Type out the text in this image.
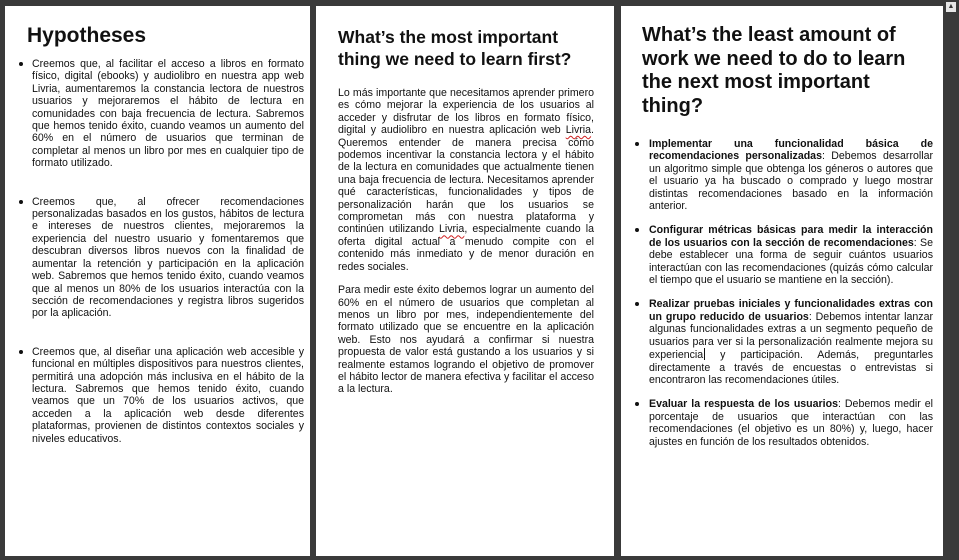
Hypotheses
Creemos que, al facilitar el acceso a libros en formato físico, digital (ebooks) y audiolibro en nuestra app web Livria, aumentaremos la constancia lectora de nuestros usuarios y mejoraremos el hábito de lectura en comunidades con baja frecuencia de lectura. Sabremos que hemos tenido éxito, cuando veamos un aumento del 60% en el número de usuarios que terminan de completar al menos un libro por mes en cualquier tipo de formato utilizado.
Creemos que, al ofrecer recomendaciones personalizadas basados en los gustos, hábitos de lectura e intereses de nuestros clientes, mejoraremos la experiencia del nuestro usuario y fomentaremos que descubran diversos libros nuevos con la finalidad de aumentar la retención y participación en la aplicación web. Sabremos que hemos tenido éxito, cuando veamos que al menos un 80% de los usuarios interactúa con la sección de recomendaciones y registra libros sugeridos por la aplicación.
Creemos que, al diseñar una aplicación web accesible y funcional en múltiples dispositivos para nuestros clientes, permitirá una adopción más inclusiva en el hábito de la lectura. Sabremos que hemos tenido éxito, cuando veamos que un 70% de los usuarios activos, que acceden a la aplicación web desde diferentes plataformas, provienen de distintos contextos sociales y niveles educativos.
What’s the most important thing we need to learn first?

Lo más importante que necesitamos aprender primero es cómo mejorar la experiencia de los usuarios al acceder y disfrutar de los libros en formato físico, digital y audiolibro en nuestra aplicación web Livria. Queremos entender de manera precisa cómo podemos incentivar la constancia lectora y el hábito de la lectura en comunidades que actualmente tienen una baja frecuencia de lectura. Necesitamos aprender qué características, funcionalidades y tipos de personalización harán que los usuarios se comprometan más con nuestra plataforma y continúen utilizando Livria, especialmente cuando la oferta digital actual a menudo compite con el contenido más inmediato y de menor duración en redes sociales.

Para medir este éxito debemos lograr un aumento del 60% en el número de usuarios que completan al menos un libro por mes, independientemente del formato utilizado que se encuentre en la aplicación web. Esto nos ayudará a confirmar si nuestra propuesta de valor está gustando a los usuarios y si realmente estamos logrando el objetivo de promover el hábito lector de manera efectiva y facilitar el acceso a la lectura.

What’s the least amount of work we need to do to learn the next most important thing?
Implementar una funcionalidad básica de recomendaciones personalizadas: Debemos desarrollar un algoritmo simple que obtenga los géneros o autores que el usuario ya ha buscado o comprado y luego mostrar distintas recomendaciones basado en la información anterior.
Configurar métricas básicas para medir la interacción de los usuarios con la sección de recomendaciones: Se debe establecer una forma de seguir cuántos usuarios interactúan con las recomendaciones (quizás cómo calcular el tiempo que el usuario se mantiene en la sección).
Realizar pruebas iniciales y funcionalidades extras con un grupo reducido de usuarios: Debemos intentar lanzar algunas funcionalidades extras a un segmento pequeño de usuarios para ver si la personalización realmente mejora su experiencia y participación. Además, preguntarles directamente a través de encuestas o entrevistas si encontraron las recomendaciones útiles.
Evaluar la respuesta de los usuarios: Debemos medir el porcentaje de usuarios que interactúan con las recomendaciones (el objetivo es un 80%) y, luego, hacer ajustes en función de los resultados obtenidos.
▲
